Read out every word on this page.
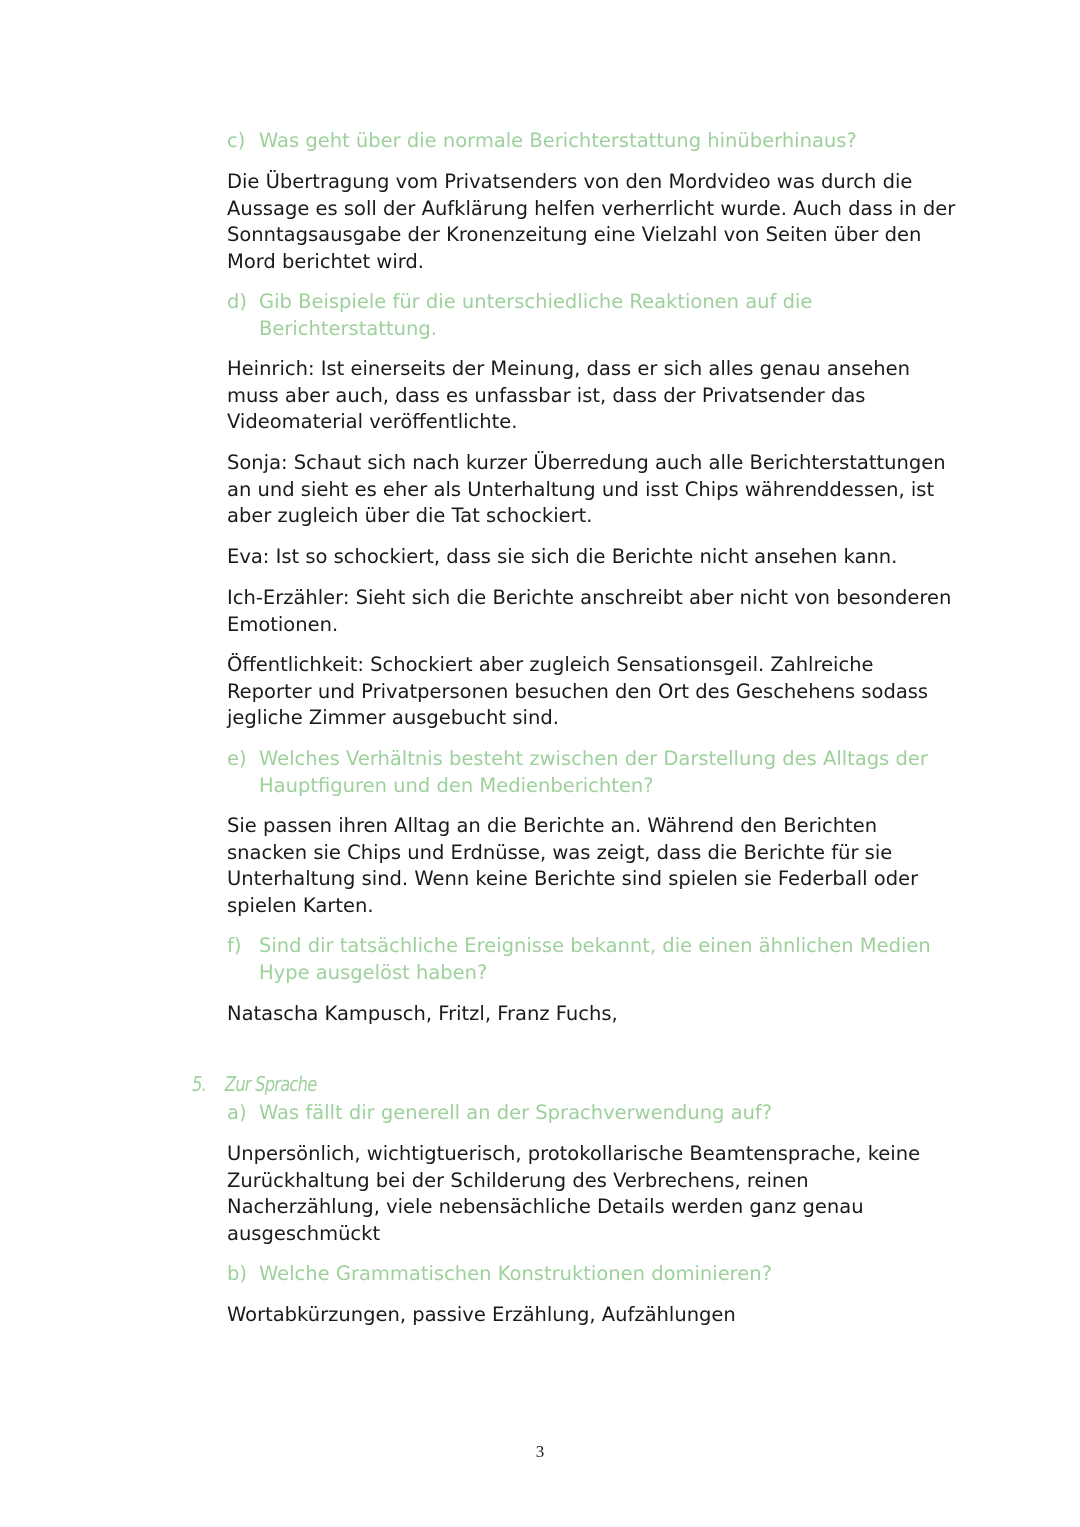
c) Was geht über die normale Berichterstattung hinüberhinaus?

Die Übertragung vom Privatsenders von den Mordvideo was durch die Aussage es soll der Aufklärung helfen verherrlicht wurde. Auch dass in der Sonntagsausgabe der Kronenzeitung eine Vielzahl von Seiten über den Mord berichtet wird.

d) Gib Beispiele für die unterschiedliche Reaktionen auf die Berichterstattung.

Heinrich: Ist einerseits der Meinung, dass er sich alles genau ansehen muss aber auch, dass es unfassbar ist, dass der Privatsender das Videomaterial veröffentlichte.

Sonja: Schaut sich nach kurzer Überredung auch alle Berichterstattungen an und sieht es eher als Unterhaltung und isst Chips währenddessen, ist aber zugleich über die Tat schockiert.

Eva: Ist so schockiert, dass sie sich die Berichte nicht ansehen kann.

Ich-Erzähler: Sieht sich die Berichte anschreibt aber nicht von besonderen Emotionen.

Öffentlichkeit: Schockiert aber zugleich Sensationsgeil. Zahlreiche Reporter und Privatpersonen besuchen den Ort des Geschehens sodass jegliche Zimmer ausgebucht sind.

e) Welches Verhältnis besteht zwischen der Darstellung des Alltags der Hauptfiguren und den Medienberichten?

Sie passen ihren Alltag an die Berichte an. Während den Berichten snacken sie Chips und Erdnüsse, was zeigt, dass die Berichte für sie Unterhaltung sind. Wenn keine Berichte sind spielen sie Federball oder spielen Karten.

f) Sind dir tatsächliche Ereignisse bekannt, die einen ähnlichen Medien Hype ausgelöst haben?

Natascha Kampusch, Fritzl, Franz Fuchs,

5. Zur Sprache
a) Was fällt dir generell an der Sprachverwendung auf?

Unpersönlich, wichtigtuerisch, protokollarische Beamtensprache, keine Zurückhaltung bei der Schilderung des Verbrechens, reinen Nacherzählung, viele nebensächliche Details werden ganz genau ausgeschmückt

b) Welche Grammatischen Konstruktionen dominieren?

Wortabkürzungen, passive Erzählung, Aufzählungen

3
